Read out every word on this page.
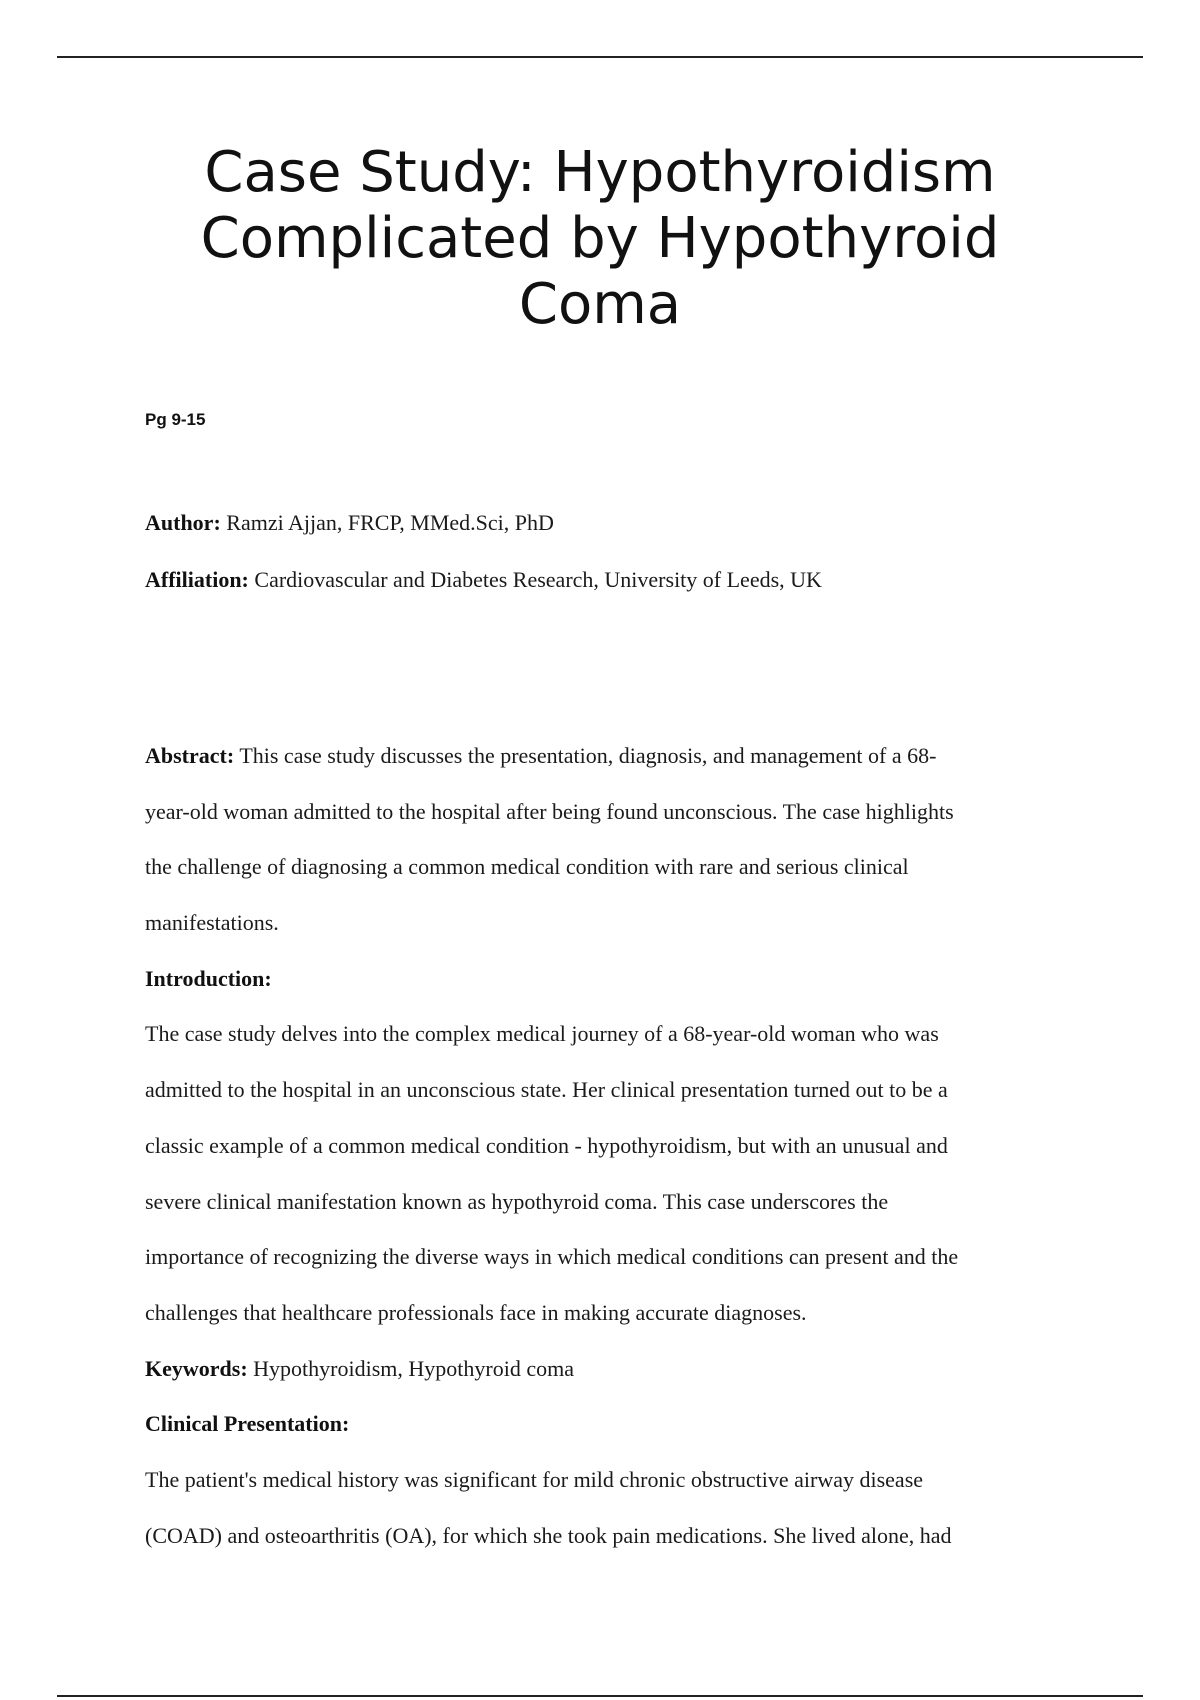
Case Study: Hypothyroidism
Complicated by Hypothyroid
Coma
Pg 9-15
Author: Ramzi Ajjan, FRCP, MMed.Sci, PhD
Affiliation: Cardiovascular and Diabetes Research, University of Leeds, UK
Abstract: This case study discusses the presentation, diagnosis, and management of a 68-
year-old woman admitted to the hospital after being found unconscious. The case highlights
the challenge of diagnosing a common medical condition with rare and serious clinical
manifestations.
Introduction:
The case study delves into the complex medical journey of a 68-year-old woman who was
admitted to the hospital in an unconscious state. Her clinical presentation turned out to be a
classic example of a common medical condition - hypothyroidism, but with an unusual and
severe clinical manifestation known as hypothyroid coma. This case underscores the
importance of recognizing the diverse ways in which medical conditions can present and the
challenges that healthcare professionals face in making accurate diagnoses.
Keywords: Hypothyroidism, Hypothyroid coma
Clinical Presentation:
The patient's medical history was significant for mild chronic obstructive airway disease
(COAD) and osteoarthritis (OA), for which she took pain medications. She lived alone, had
